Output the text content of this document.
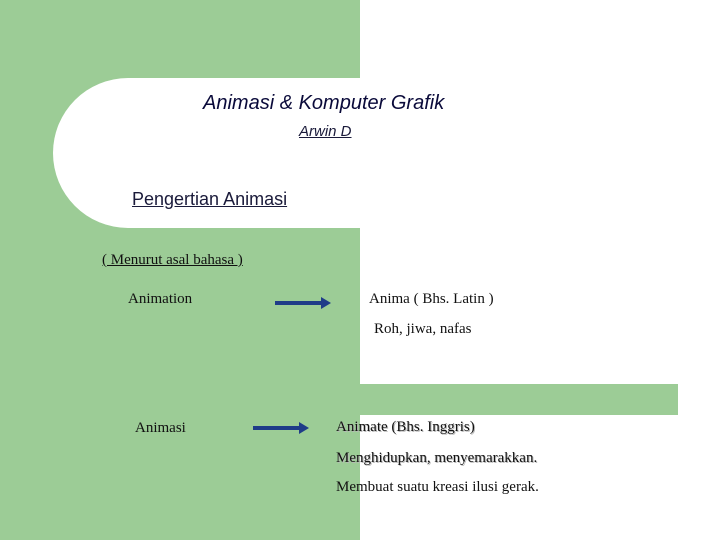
Animasi & Komputer Grafik
Arwin D
Pengertian Animasi
( Menurut asal bahasa )
Animation	Anima ( Bhs. Latin )
Roh, jiwa, nafas
Animasi	Animate (Bhs. Inggris)
Menghidupkan, menyemarakkan.
Membuat suatu kreasi ilusi gerak.
